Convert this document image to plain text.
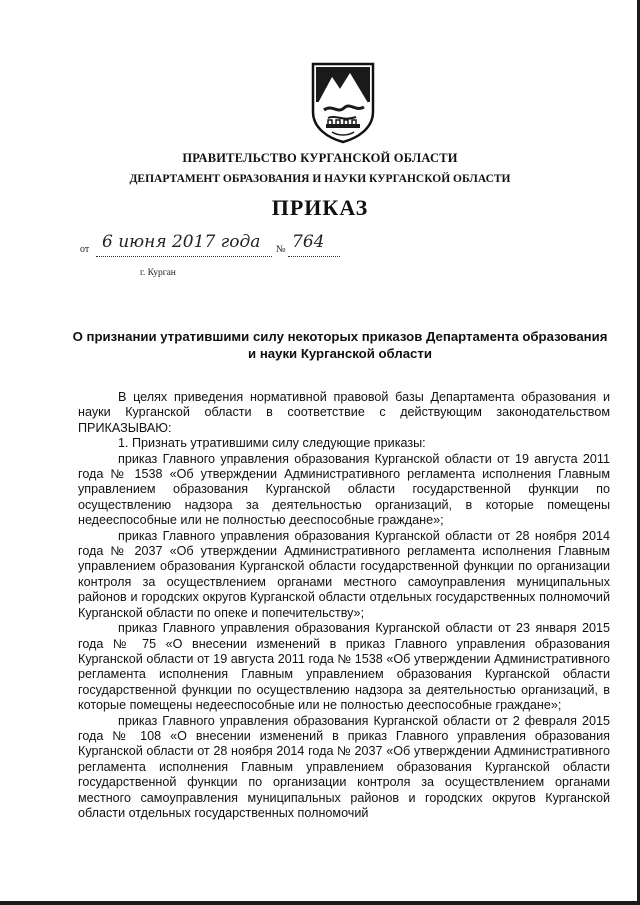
ПРАВИТЕЛЬСТВО КУРГАНСКОЙ ОБЛАСТИ
ДЕПАРТАМЕНТ ОБРАЗОВАНИЯ И НАУКИ КУРГАНСКОЙ ОБЛАСТИ
ПРИКАЗ
от 6 июня 2017 года № 764
г. Курган
О признании утратившими силу некоторых приказов Департамента образования и науки Курганской области

В целях приведения нормативной правовой базы Департамента образования и науки Курганской области в соответствие с действующим законодательством ПРИКАЗЫВАЮ:

1. Признать утратившими силу следующие приказы:

приказ Главного управления образования Курганской области от 19 августа 2011 года № 1538 «Об утверждении Административного регламента исполнения Главным управлением образования Курганской области государственной функции по осуществлению надзора за деятельностью организаций, в которые помещены недееспособные или не полностью дееспособные граждане»;

приказ Главного управления образования Курганской области от 28 ноября 2014 года № 2037 «Об утверждении Административного регламента исполнения Главным управлением образования Курганской области государственной функции по организации контроля за осуществлением органами местного самоуправления муниципальных районов и городских округов Курганской области отдельных государственных полномочий Курганской области по опеке и попечительству»;

приказ Главного управления образования Курганской области от 23 января 2015 года № 75 «О внесении изменений в приказ Главного управления образования Курганской области от 19 августа 2011 года № 1538 «Об утверждении Административного регламента исполнения Главным управлением образования Курганской области государственной функции по осуществлению надзора за деятельностью организаций, в которые помещены недееспособные или не полностью дееспособные граждане»;

приказ Главного управления образования Курганской области от 2 февраля 2015 года № 108 «О внесении изменений в приказ Главного управления образования Курганской области от 28 ноября 2014 года № 2037 «Об утверждении Административного регламента исполнения Главным управлением образования Курганской области государственной функции по организации контроля за осуществлением органами местного самоуправления муниципальных районов и городских округов Курганской области отдельных государственных полномочий
